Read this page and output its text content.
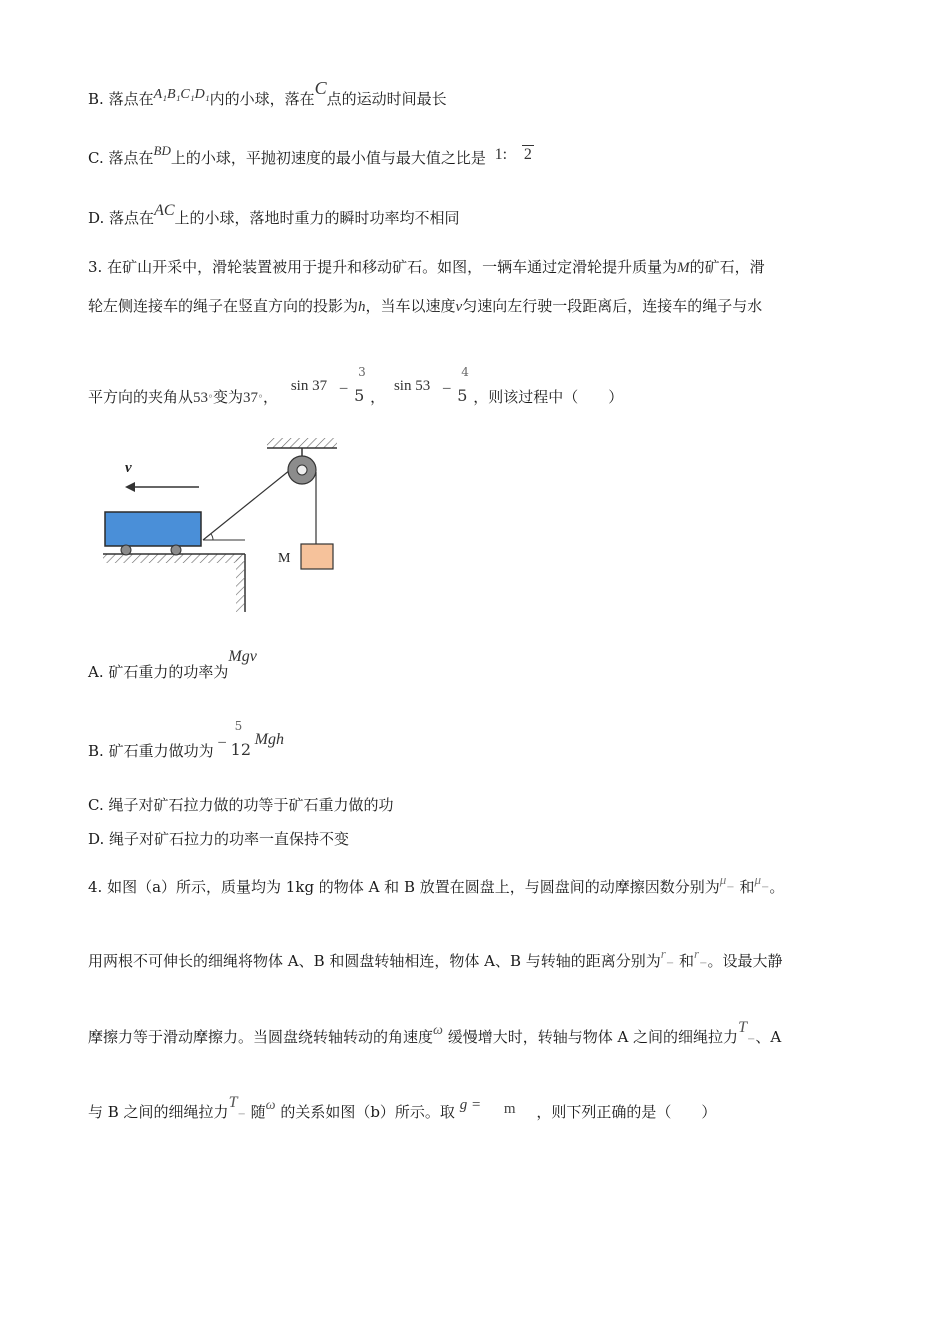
B. 落点在A₁B₁C₁D₁内的小球，落在C点的运动时间最长
C. 落点在BD上的小球，平抛初速度的最小值与最大值之比是 1: 2
D. 落点在AC上的小球，落地时重力的瞬时功率均不相同
3. 在矿山开采中，滑轮装置被用于提升和移动矿石。如图，一辆车通过定滑轮提升质量为M的矿石，滑
轮左侧连接车的绳子在竖直方向的投影为h，当车以速度v匀速向左行驶一段距离后，连接车的绳子与水
平方向的夹角从53°变为37°， sin 37 –
3
5 ， sin 53 –
4
5 ，则该过程中（　　）
v
M
A. 矿石重力的功率为Mgv
B. 矿石重力做功为 –
5
12
Mgh
C. 绳子对矿石拉力做的功等于矿石重力做的功
D. 绳子对矿石拉力的功率一直保持不变
4. 如图（a）所示，质量均为 1kg 的物体 A 和 B 放置在圆盘上，与圆盘间的动摩擦因数分别为μ− 和μ−。
用两根不可伸长的细绳将物体 A、B 和圆盘转轴相连，物体 A、B 与转轴的距离分别为r− 和r−。设最大静
摩擦力等于滑动摩擦力。当圆盘绕转轴转动的角速度ω 缓慢增大时，转轴与物体 A 之间的细绳拉力T−、A
与 B 之间的细绳拉力T− 随ω 的关系如图（b）所示。取 g = m ，则下列正确的是（　　）
